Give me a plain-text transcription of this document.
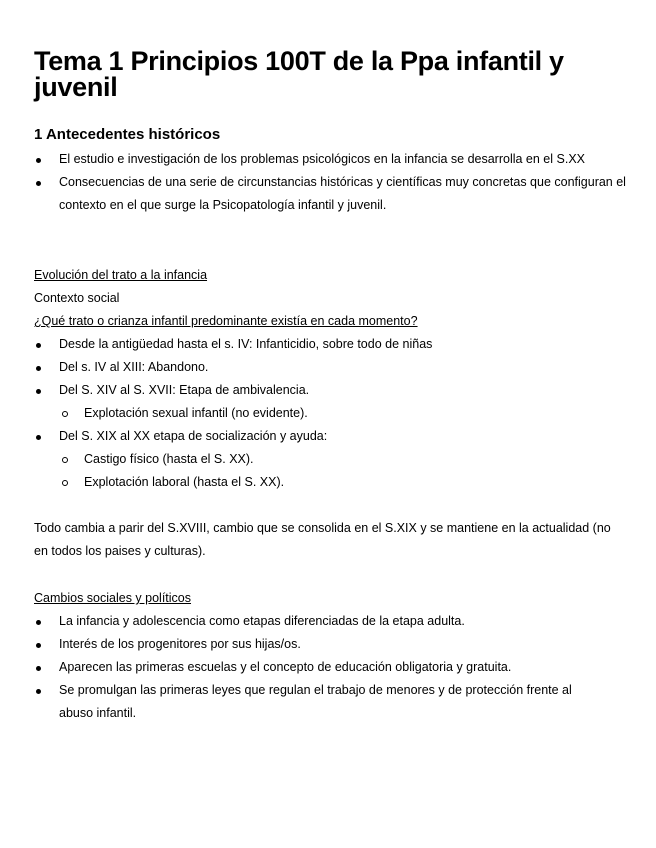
Tema 1 Principios 100T de la Ppa infantil y juvenil
1 Antecedentes históricos
El estudio e investigación de los problemas psicológicos en la infancia se desarrolla en el S.XX
Consecuencias de una serie de circunstancias históricas y científicas muy concretas que configuran el contexto en el que surge la Psicopatología infantil y juvenil.
Evolución del trato a la infancia
Contexto social
¿Qué trato o crianza infantil predominante existía en cada momento?
Desde la antigüedad hasta el s. IV: Infanticidio, sobre todo de niñas
Del s. IV al XIII: Abandono.
Del S. XIV al S. XVII: Etapa de ambivalencia.
Explotación sexual infantil (no evidente).
Del S. XIX al XX etapa de socialización y ayuda:
Castigo físico (hasta el S. XX).
Explotación laboral (hasta el S. XX).
Todo cambia a parir del S.XVIII, cambio que se consolida en el S.XIX y se mantiene en la actualidad (no en todos los paises y culturas).
Cambios sociales y políticos
La infancia y adolescencia como etapas diferenciadas de la etapa adulta.
Interés de los progenitores por sus hijas/os.
Aparecen las primeras escuelas y el concepto de educación obligatoria y gratuita.
Se promulgan las primeras leyes que regulan el trabajo de menores y de protección frente al abuso infantil.
